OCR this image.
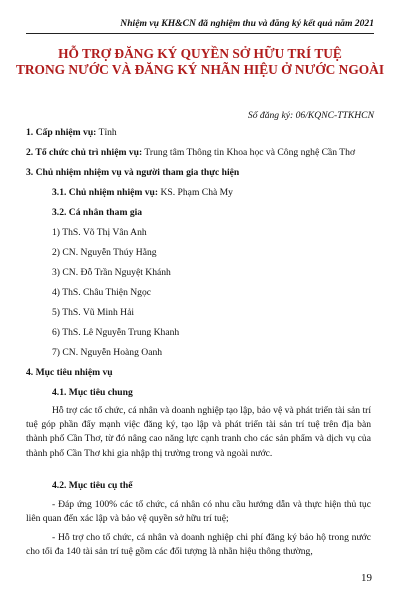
Nhiệm vụ KH&CN đã nghiệm thu và đăng ký kết quả năm 2021
HỖ TRỢ ĐĂNG KÝ QUYỀN SỞ HỮU TRÍ TUỆ
TRONG NƯỚC VÀ ĐĂNG KÝ NHÃN HIỆU Ở NƯỚC NGOÀI
Số đăng ký: 06/KQNC-TTKHCN
1. Cấp nhiệm vụ: Tỉnh
2. Tổ chức chủ trì nhiệm vụ: Trung tâm Thông tin Khoa học và Công nghệ Cần Thơ
3. Chủ nhiệm nhiệm vụ và người tham gia thực hiện
3.1. Chủ nhiệm nhiệm vụ: KS. Phạm Chà My
3.2. Cá nhân tham gia
1) ThS. Võ Thị Vân Anh
2) CN. Nguyễn Thúy Hằng
3) CN. Đỗ Trần Nguyệt Khánh
4) ThS. Châu Thiện Ngọc
5) ThS. Vũ Minh Hải
6) ThS. Lê Nguyễn Trung Khanh
7) CN. Nguyễn Hoàng Oanh
4. Mục tiêu nhiệm vụ
4.1. Mục tiêu chung
Hỗ trợ các tổ chức, cá nhân và doanh nghiệp tạo lập, bảo vệ và phát triển tài sản trí tuệ góp phần đẩy mạnh việc đăng ký, tạo lập và phát triển tài sản trí tuệ trên địa bàn thành phố Cần Thơ, từ đó nâng cao năng lực cạnh tranh cho các sản phẩm và dịch vụ của thành phố Cần Thơ khi gia nhập thị trường trong và ngoài nước.
4.2. Mục tiêu cụ thể
- Đáp ứng 100% các tổ chức, cá nhân có nhu cầu hướng dẫn và thực hiện thủ tục liên quan đến xác lập và bảo vệ quyền sở hữu trí tuệ;
- Hỗ trợ cho tổ chức, cá nhân và doanh nghiệp chi phí đăng ký bảo hộ trong nước cho tối đa 140 tài sản trí tuệ gồm các đối tượng là nhãn hiệu thông thường,
19
